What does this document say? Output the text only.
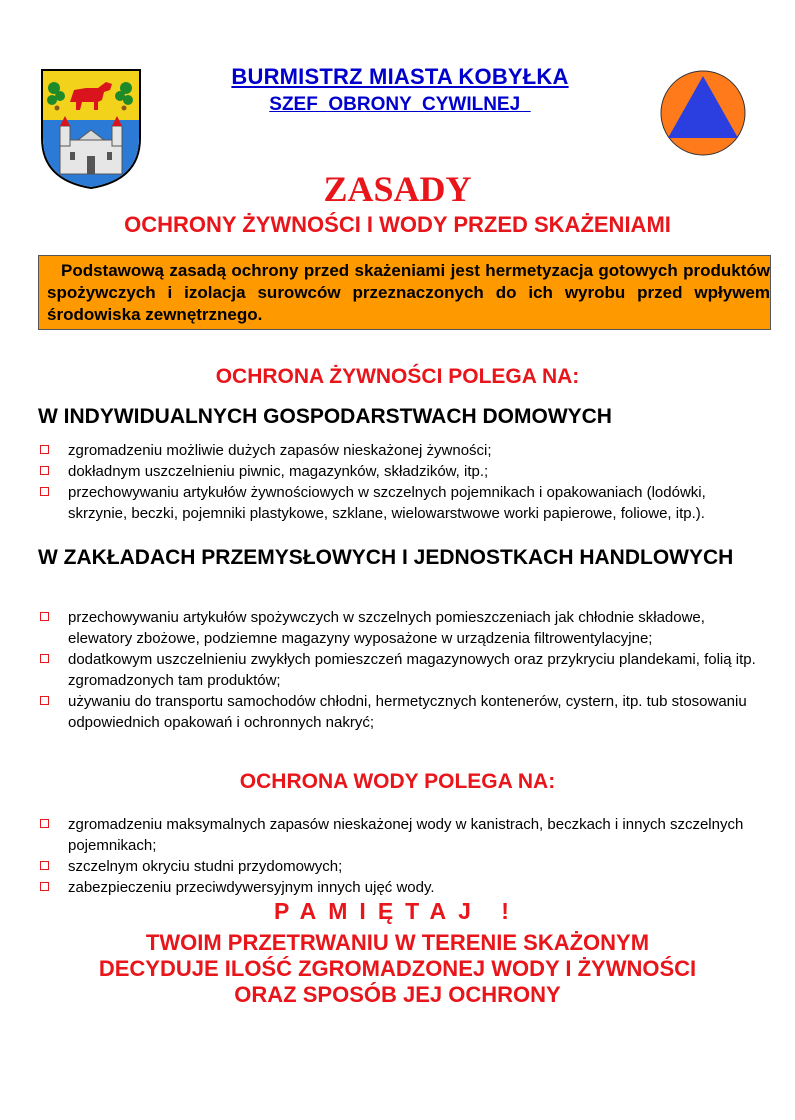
BURMISTRZ MIASTA KOBYŁKA
SZEF  OBRONY  CYWILNEJ
ZASADY
OCHRONY ŻYWNOŚCI I WODY PRZED SKAŻENIAMI
Podstawową zasadą ochrony przed skażeniami jest hermetyzacja gotowych produktów spożywczych i izolacja surowców przeznaczonych do ich wyrobu przed wpływem środowiska zewnętrznego.
OCHRONA ŻYWNOŚCI POLEGA NA:
W INDYWIDUALNYCH GOSPODARSTWACH DOMOWYCH
zgromadzeniu możliwie dużych zapasów nieskażonej żywności;
dokładnym uszczelnieniu piwnic, magazynków, składzików, itp.;
przechowywaniu artykułów żywnościowych w szczelnych pojemnikach i opakowaniach (lodówki, skrzynie, beczki, pojemniki plastykowe, szklane, wielowarstwowe worki papierowe, foliowe, itp.).
W ZAKŁADACH PRZEMYSŁOWYCH I JEDNOSTKACH HANDLOWYCH
przechowywaniu artykułów spożywczych w szczelnych pomieszczeniach jak chłodnie składowe, elewatory zbożowe, podziemne magazyny wyposażone w urządzenia filtrowentylacyjne;
dodatkowym uszczelnieniu zwykłych pomieszczeń magazynowych oraz przykryciu plandekami, folią itp. zgromadzonych tam produktów;
używaniu do transportu samochodów chłodni, hermetycznych kontenerów, cystern, itp. tub stosowaniu odpowiednich opakowań i ochronnych nakryć;
OCHRONA WODY POLEGA NA:
zgromadzeniu maksymalnych zapasów nieskażonej wody w kanistrach, beczkach i innych szczelnych pojemnikach;
szczelnym okryciu studni przydomowych;
zabezpieczeniu przeciwdywersyjnym innych ujęć wody.
PAMIĘTAJ !
TWOIM PRZETRWANIU W TERENIE SKAŻONYM
DECYDUJE ILOŚĆ ZGROMADZONEJ WODY I ŻYWNOŚCI
ORAZ SPOSÓB JEJ OCHRONY
